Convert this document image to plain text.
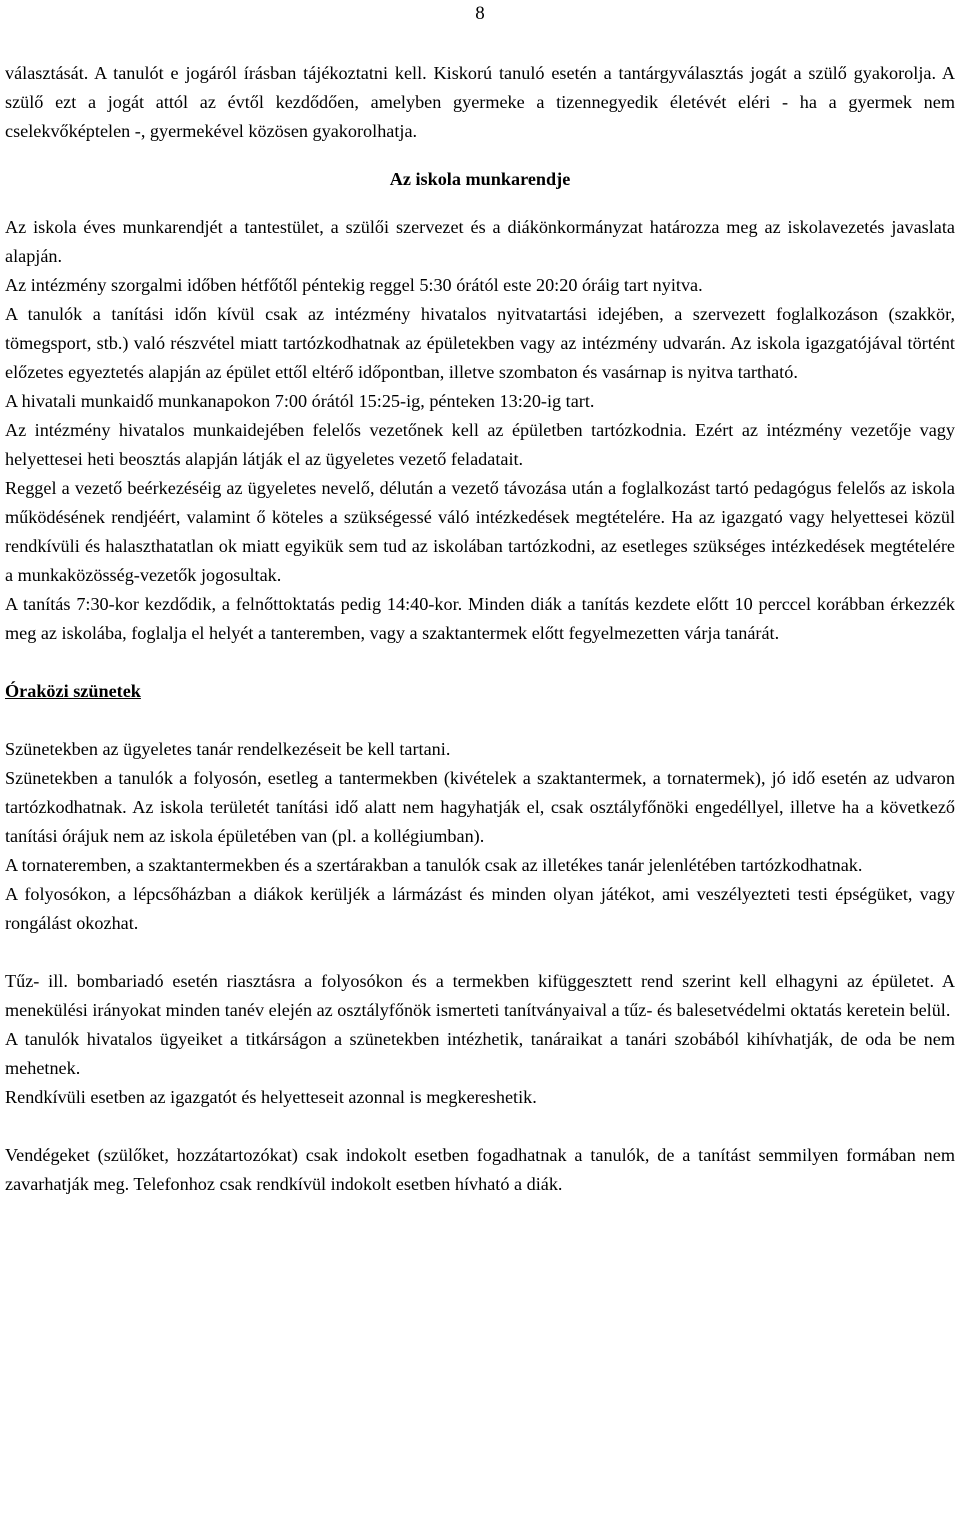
8

választását. A tanulót e jogáról írásban tájékoztatni kell. Kiskorú tanuló esetén a tantárgyválasztás jogát a szülő gyakorolja. A szülő ezt a jogát attól az évtől kezdődően, amelyben gyermeke a tizennegyedik életévét eléri - ha a gyermek nem cselekvőképtelen -, gyermekével közösen gyakorolhatja.

Az iskola munkarendje

Az iskola éves munkarendjét a tantestület, a szülői szervezet és a diákönkormányzat határozza meg az iskolavezetés javaslata alapján.

Az intézmény szorgalmi időben hétfőtől péntekig reggel 5:30 órától este 20:20 óráig tart nyitva.

A tanulók a tanítási időn kívül csak az intézmény hivatalos nyitvatartási idejében, a szervezett foglalkozáson (szakkör, tömegsport, stb.) való részvétel miatt tartózkodhatnak az épületekben vagy az intézmény udvarán. Az iskola igazgatójával történt előzetes egyeztetés alapján az épület ettől eltérő időpontban, illetve szombaton és vasárnap is nyitva tartható.

A hivatali munkaidő munkanapokon 7:00 órától 15:25-ig, pénteken 13:20-ig tart.

Az intézmény hivatalos munkaidejében felelős vezetőnek kell az épületben tartózkodnia. Ezért az intézmény vezetője vagy helyettesei heti beosztás alapján látják el az ügyeletes vezető feladatait.

Reggel a vezető beérkezéséig az ügyeletes nevelő, délután a vezető távozása után a foglalkozást tartó pedagógus felelős az iskola működésének rendjéért, valamint ő köteles a szükségessé váló intézkedések megtételére. Ha az igazgató vagy helyettesei közül rendkívüli és halaszthatatlan ok miatt egyikük sem tud az iskolában tartózkodni, az esetleges szükséges intézkedések megtételére a munkaközösség-vezetők jogosultak.

A tanítás 7:30-kor kezdődik, a felnőttoktatás pedig 14:40-kor. Minden diák a tanítás kezdete előtt 10 perccel korábban érkezzék meg az iskolába, foglalja el helyét a tanteremben, vagy a szaktantermek előtt fegyelmezetten várja tanárát.

Óraközi szünetek

Szünetekben az ügyeletes tanár rendelkezéseit be kell tartani.

Szünetekben a tanulók a folyosón, esetleg a tantermekben (kivételek a szaktantermek, a tornatermek), jó idő esetén az udvaron tartózkodhatnak. Az iskola területét tanítási idő alatt nem hagyhatják el, csak osztályfőnöki engedéllyel, illetve ha a következő tanítási órájuk nem az iskola épületében van (pl. a kollégiumban).

A tornateremben, a szaktantermekben és a szertárakban a tanulók csak az illetékes tanár jelenlétében tartózkodhatnak.

A folyosókon, a lépcsőházban a diákok kerüljék a lármázást és minden olyan játékot, ami veszélyezteti testi épségüket, vagy rongálást okozhat.

Tűz- ill. bombariadó esetén riasztásra a folyosókon és a termekben kifüggesztett rend szerint kell elhagyni az épületet. A menekülési irányokat minden tanév elején az osztályfőnök ismerteti tanítványaival a tűz- és balesetvédelmi oktatás keretein belül.

A tanulók hivatalos ügyeiket a titkárságon a szünetekben intézhetik, tanáraikat a tanári szobából kihívhatják, de oda be nem mehetnek.

Rendkívüli esetben az igazgatót és helyetteseit azonnal is megkereshetik.

Vendégeket (szülőket, hozzátartozókat) csak indokolt esetben fogadhatnak a tanulók, de a tanítást semmilyen formában nem zavarhatják meg. Telefonhoz csak rendkívül indokolt esetben hívható a diák.
